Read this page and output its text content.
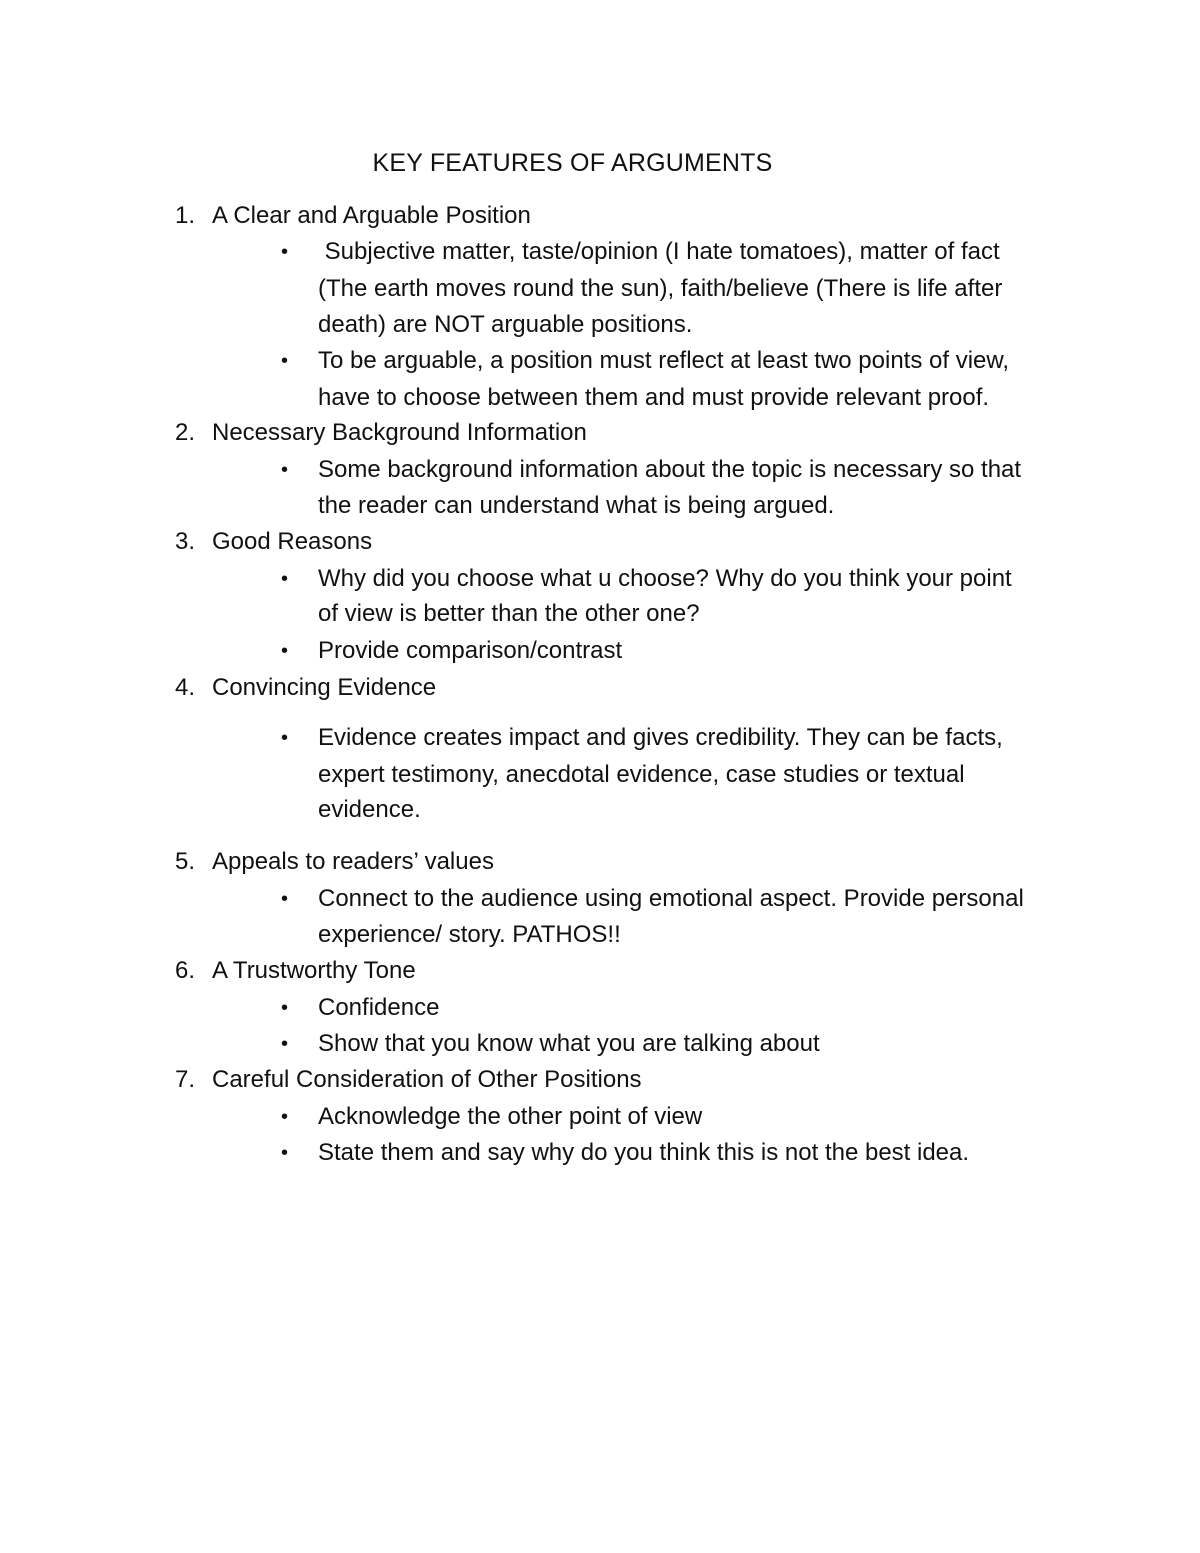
KEY FEATURES OF ARGUMENTS
1. A Clear and Arguable Position
• Subjective matter, taste/opinion (I hate tomatoes), matter of fact
(The earth moves round the sun), faith/believe (There is life after
death) are NOT arguable positions.
• To be arguable, a position must reflect at least two points of view,
have to choose between them and must provide relevant proof.
2. Necessary Background Information
• Some background information about the topic is necessary so that
the reader can understand what is being argued.
3. Good Reasons
• Why did you choose what u choose? Why do you think your point
of view is better than the other one?
• Provide comparison/contrast
4. Convincing Evidence
• Evidence creates impact and gives credibility. They can be facts,
expert testimony, anecdotal evidence, case studies or textual
evidence.
5. Appeals to readers’ values
• Connect to the audience using emotional aspect. Provide personal
experience/ story. PATHOS!!
6. A Trustworthy Tone
• Confidence
• Show that you know what you are talking about
7. Careful Consideration of Other Positions
• Acknowledge the other point of view
• State them and say why do you think this is not the best idea.
